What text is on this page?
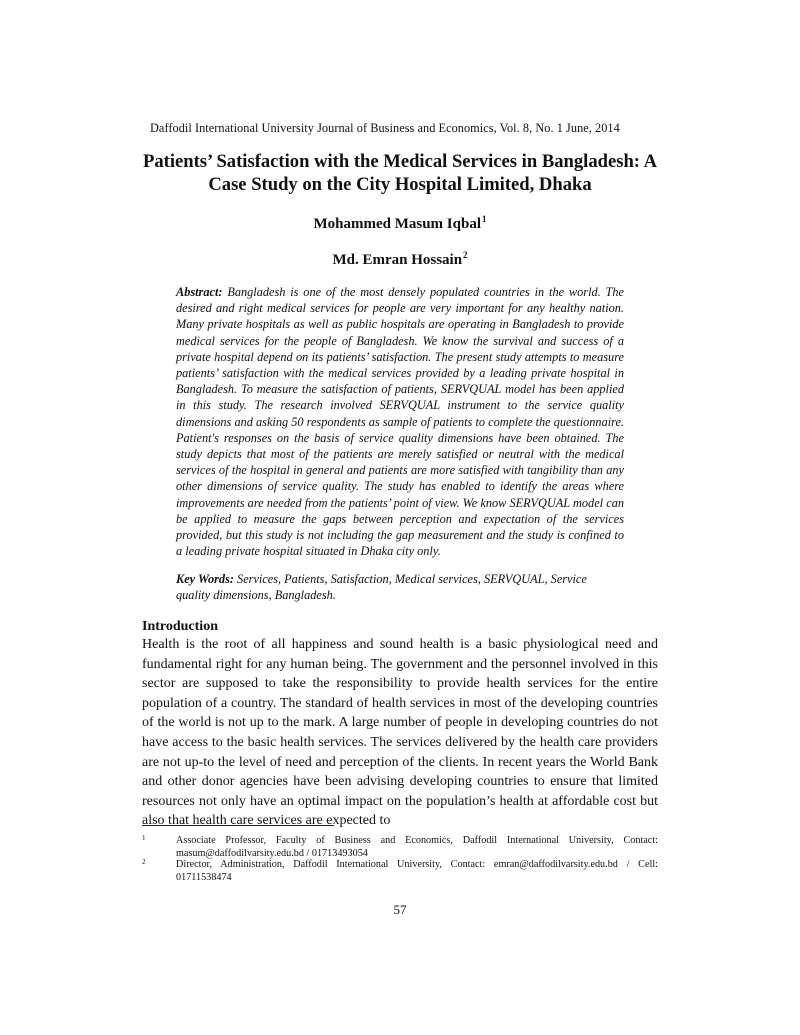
Daffodil International University Journal of Business and Economics, Vol. 8, No. 1 June, 2014
Patients’ Satisfaction with the Medical Services in Bangladesh: A
Case Study on the City Hospital Limited, Dhaka
Mohammed Masum Iqbal$^1$
Md. Emran Hossain$^2$
Abstract: Bangladesh is one of the most densely populated countries in the world. The desired and right medical services for people are very important for any healthy nation. Many private hospitals as well as public hospitals are operating in Bangladesh to provide medical services for the people of Bangladesh. We know the survival and success of a private hospital depend on its patients’ satisfaction. The present study attempts to measure patients’ satisfaction with the medical services provided by a leading private hospital in Bangladesh. To measure the satisfaction of patients, SERVQUAL model has been applied in this study. The research involved SERVQUAL instrument to the service quality dimensions and asking 50 respondents as sample of patients to complete the questionnaire. Patient's responses on the basis of service quality dimensions have been obtained. The study depicts that most of the patients are merely satisfied or neutral with the medical services of the hospital in general and patients are more satisfied with tangibility than any other dimensions of service quality. The study has enabled to identify the areas where improvements are needed from the patients’ point of view. We know SERVQUAL model can be applied to measure the gaps between perception and expectation of the services provided, but this study is not including the gap measurement and the study is confined to a leading private hospital situated in Dhaka city only.
Key Words: Services, Patients, Satisfaction, Medical services, SERVQUAL, Service quality dimensions, Bangladesh.
Introduction
Health is the root of all happiness and sound health is a basic physiological need and fundamental right for any human being. The government and the personnel involved in this sector are supposed to take the responsibility to provide health services for the entire population of a country. The standard of health services in most of the developing countries of the world is not up to the mark. A large number of people in developing countries do not have access to the basic health services. The services delivered by the health care providers are not up-to the level of need and perception of the clients. In recent years the World Bank and other donor agencies have been advising developing countries to ensure that limited resources not only have an optimal impact on the population’s health at affordable cost but also that health care services are expected to
1	Associate Professor, Faculty of Business and Economics, Daffodil International University, Contact: masum@daffodilvarsity.edu.bd / 01713493054
2	Director, Administration, Daffodil International University, Contact: emran@daffodilvarsity.edu.bd / Cell: 01711538474
57
